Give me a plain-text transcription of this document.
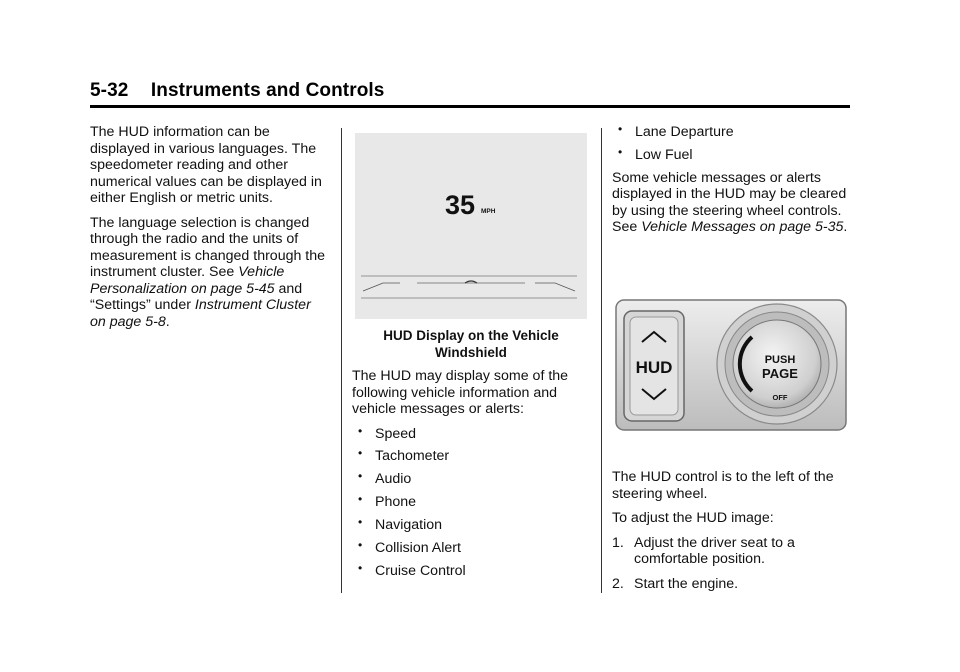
5-32 Instruments and Controls

The HUD information can be displayed in various languages. The speedometer reading and other numerical values can be displayed in either English or metric units.

The language selection is changed through the radio and the units of measurement is changed through the instrument cluster. See Vehicle Personalization on page 5-45 and “Settings” under Instrument Cluster on page 5-8.

35 MPH
HUD Display on the Vehicle Windshield

The HUD may display some of the following vehicle information and vehicle messages or alerts:

• Speed
• Tachometer
• Audio
• Phone
• Navigation
• Collision Alert
• Cruise Control
• Lane Departure
• Low Fuel

Some vehicle messages or alerts displayed in the HUD may be cleared by using the steering wheel controls. See Vehicle Messages on page 5-35.

The HUD control is to the left of the steering wheel.

To adjust the HUD image:

1. Adjust the driver seat to a comfortable position.
2. Start the engine.
HUD	PUSH
PAGE
OFF
